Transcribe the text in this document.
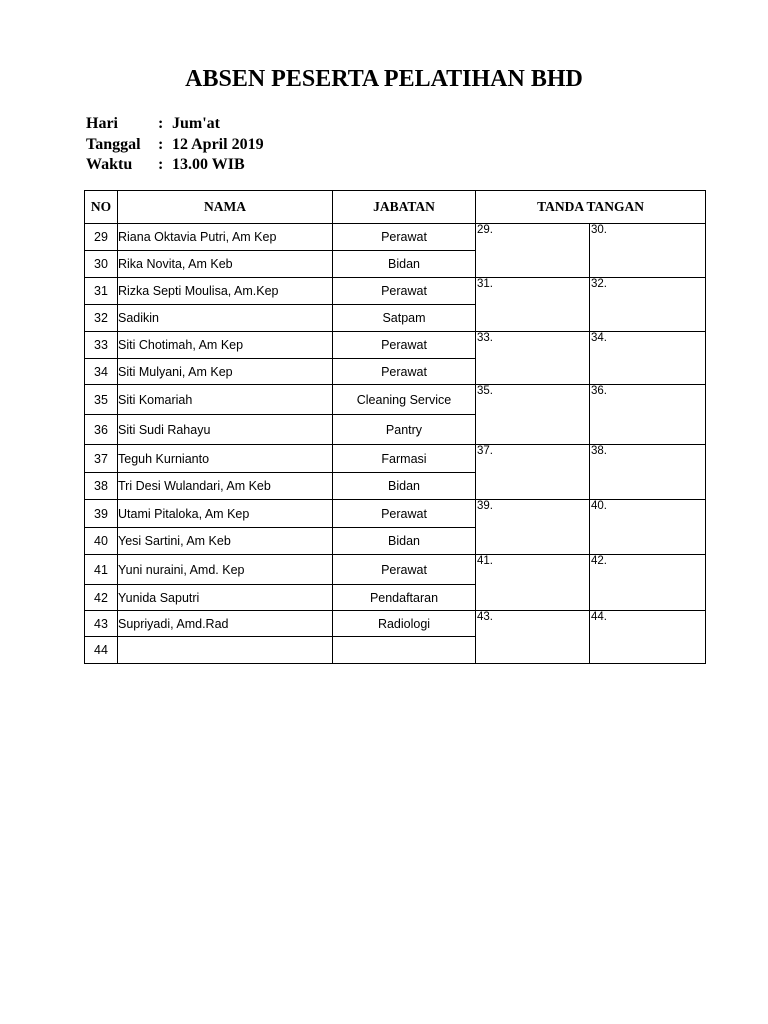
ABSEN PESERTA PELATIHAN BHD
Hari	: Jum'at
Tanggal	: 12 April 2019
Waktu	: 13.00 WIB
NO	NAMA	JABATAN	TANDA TANGAN	
29	Riana Oktavia Putri, Am Kep	Perawat	29.	30.

30	Rika Novita, Am Keb	Bidan		
31	Rizka Septi Moulisa, Am.Kep	Perawat	31.	32.

32	Sadikin	Satpam		
33	Siti Chotimah, Am Kep	Perawat	33.	34.

34	Siti Mulyani, Am Kep	Perawat		
35	Siti Komariah	Cleaning Service	35.	36.

36	Siti Sudi Rahayu	Pantry		
37	Teguh Kurnianto	Farmasi	37.	38.

38	Tri Desi Wulandari, Am Keb	Bidan		
39	Utami Pitaloka, Am Kep	Perawat	39.	40.

40	Yesi Sartini, Am Keb	Bidan		
41	Yuni nuraini, Amd. Kep	Perawat	41.	42.

42	Yunida Saputri	Pendaftaran		
43	Supriyadi, Amd.Rad	Radiologi	43.	44.

44				
